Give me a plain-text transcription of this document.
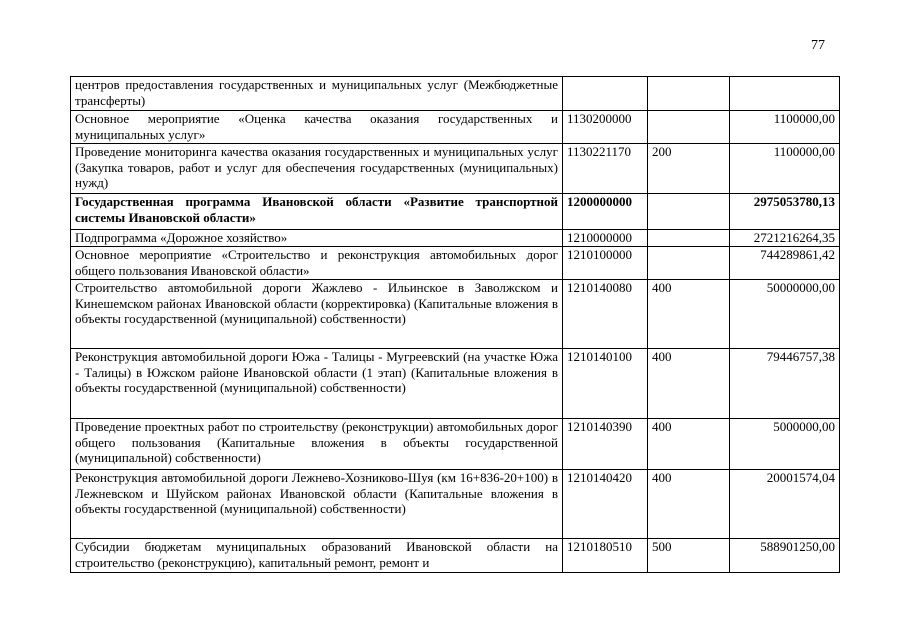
77
центров предоставления государственных и муниципальных услуг (Межбюджетные трансферты)			
Основное мероприятие «Оценка качества оказания государственных и муниципальных услуг»	1130200000		1100000,00
Проведение мониторинга качества оказания государственных и муниципальных услуг (Закупка товаров, работ и услуг для обеспечения государственных (муниципальных) нужд)	1130221170	200	1100000,00
Государственная программа Ивановской области «Развитие транспортной системы Ивановской области»	1200000000		2975053780,13
Подпрограмма «Дорожное хозяйство»	1210000000		2721216264,35
Основное мероприятие «Строительство и реконструкция автомобильных дорог общего пользования Ивановской области»	1210100000		744289861,42
Строительство автомобильной дороги Жажлево - Ильинское в Заволжском и Кинешемском районах Ивановской области (корректировка) (Капитальные вложения в объекты государственной (муниципальной) собственности)	1210140080	400	50000000,00
Реконструкция автомобильной дороги Южа - Талицы - Мугреевский (на участке Южа - Талицы) в Южском районе Ивановской области (1 этап) (Капитальные вложения в объекты государственной (муниципальной) собственности)	1210140100	400	79446757,38
Проведение проектных работ по строительству (реконструкции) автомобильных дорог общего пользования (Капитальные вложения в объекты государственной (муниципальной) собственности)	1210140390	400	5000000,00
Реконструкция автомобильной дороги Лежнево-Хозниково-Шуя (км 16+836-20+100) в Лежневском и Шуйском районах Ивановской области (Капитальные вложения в объекты государственной (муниципальной) собственности)	1210140420	400	20001574,04
Субсидии бюджетам муниципальных образований Ивановской области на строительство (реконструкцию), капитальный ремонт, ремонт и	1210180510	500	588901250,00
